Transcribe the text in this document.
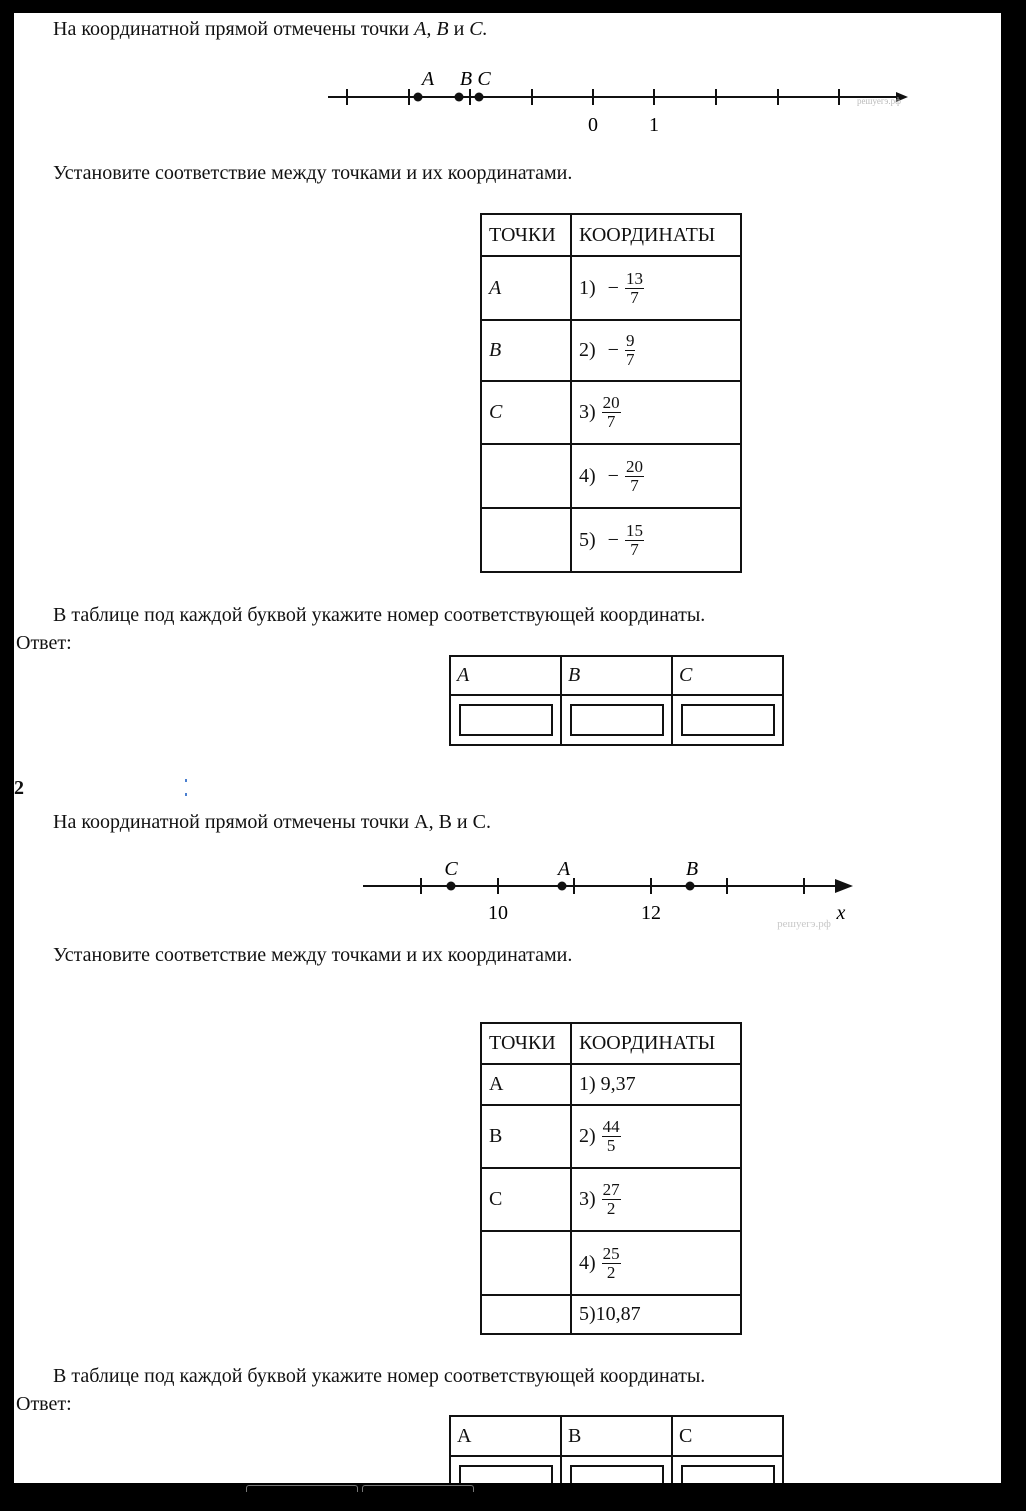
На координатной прямой отмечены точки A, B и C.
A B C
0	1
решуегэ.рф
Установите соответствие между точками и их координатами.
ТОЧКИ	КООРДИНАТЫ
A	$1) - \frac{13}{7}$

B	$2) - \frac{9}{7}$

C	$3) \frac{20}{7}$

	$4) - \frac{20}{7}$

	$5) - \frac{15}{7}$
В таблице под каждой буквой укажите номер соответствующей координаты.
Ответ:
A	B	C

2
На координатной прямой отмечены точки A, B и C.
C	A	B
10	12	x
решуегэ.рф
Установите соответствие между точками и их координатами.
ТОЧКИ	КООРДИНАТЫ
A	1) 9,37
B	$2) \frac{44}{5}$

C	$3) \frac{27}{2}$

	$4) \frac{25}{2}$

	5)10,87
В таблице под каждой буквой укажите номер соответствующей координаты.
Ответ:
A	B	C
